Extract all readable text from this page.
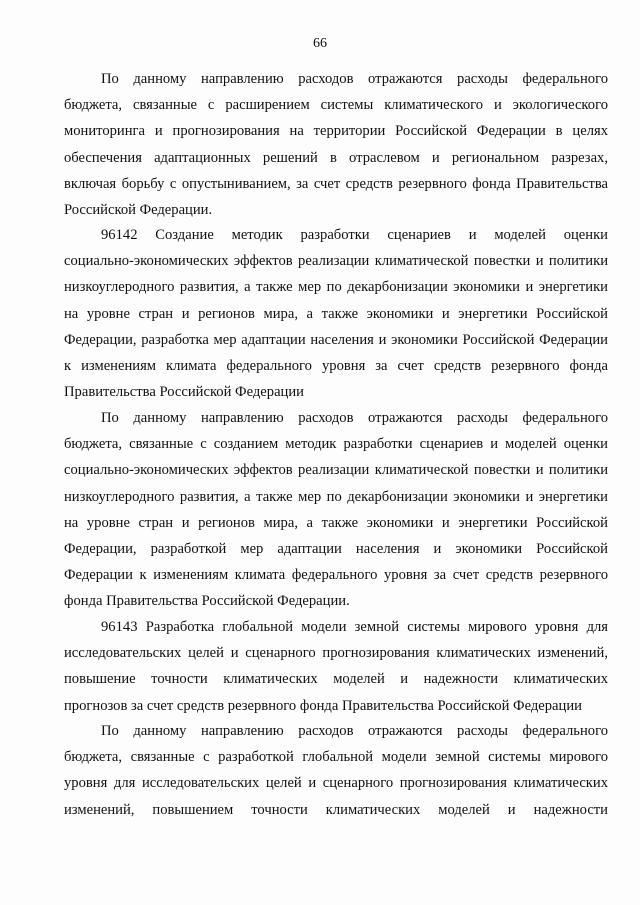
66
По данному направлению расходов отражаются расходы федерального
бюджета, связанные с расширением системы климатического и экологического
мониторинга и прогнозирования на территории Российской Федерации в целях
обеспечения адаптационных решений в отраслевом и региональном разрезах,
включая борьбу с опустыниванием, за счет средств резервного фонда Правительства
Российской Федерации.
96142 Создание методик разработки сценариев и моделей оценки
социально-экономических эффектов реализации климатической повестки и политики
низкоуглеродного развития, а также мер по декарбонизации экономики и энергетики
на уровне стран и регионов мира, а также экономики и энергетики Российской
Федерации, разработка мер адаптации населения и экономики Российской Федерации
к изменениям климата федерального уровня за счет средств резервного фонда
Правительства Российской Федерации
По данному направлению расходов отражаются расходы федерального
бюджета, связанные с созданием методик разработки сценариев и моделей оценки
социально-экономических эффектов реализации климатической повестки и политики
низкоуглеродного развития, а также мер по декарбонизации экономики и энергетики
на уровне стран и регионов мира, а также экономики и энергетики Российской
Федерации, разработкой мер адаптации населения и экономики Российской
Федерации к изменениям климата федерального уровня за счет средств резервного
фонда Правительства Российской Федерации.
96143 Разработка глобальной модели земной системы мирового уровня для
исследовательских целей и сценарного прогнозирования климатических изменений,
повышение точности климатических моделей и надежности климатических
прогнозов за счет средств резервного фонда Правительства Российской Федерации
По данному направлению расходов отражаются расходы федерального
бюджета, связанные с разработкой глобальной модели земной системы мирового
уровня для исследовательских целей и сценарного прогнозирования климатических
изменений, повышением точности климатических моделей и надежности
